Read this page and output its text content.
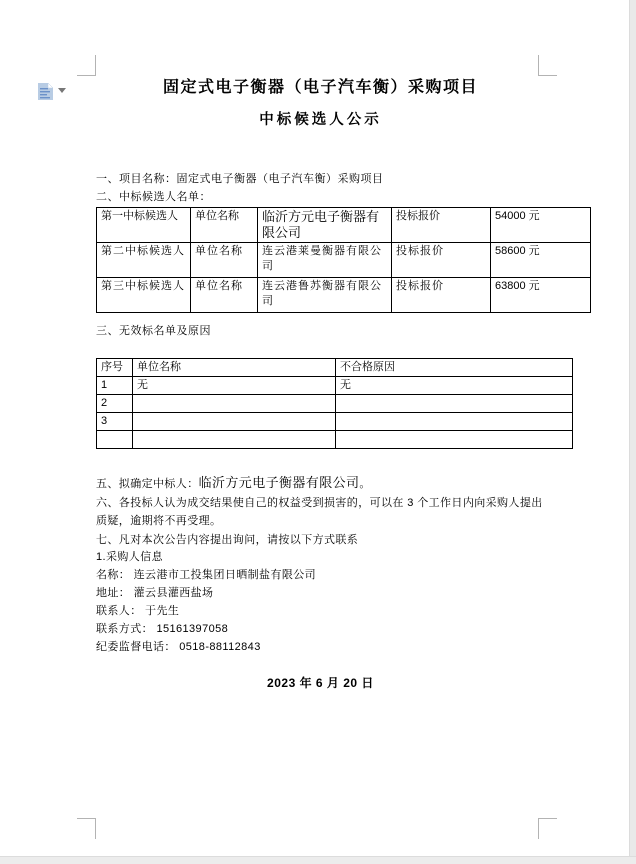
固定式电子衡器（电子汽车衡）采购项目
中标候选人公示

一、项目名称：固定式电子衡器（电子汽车衡）采购项目

二、中标候选人名单：

第一中标候选人	单位名称	临沂方元电子衡器有限公司	投标报价	54000 元
第二中标候选人	单位名称	连云港莱曼衡器有限公司	投标报价	58600 元
第三中标候选人	单位名称	连云港鲁苏衡器有限公司	投标报价	63800 元

三、无效标名单及原因

序号	单位名称	不合格原因
1	无	无
2		
3		

五、拟确定中标人：临沂方元电子衡器有限公司。
六、各投标人认为成交结果使自己的权益受到损害的，可以在 3 个工作日内向采购人提出质疑，逾期将不再受理。
七、凡对本次公告内容提出询问，请按以下方式联系
1.采购人信息
名称： 连云港市工投集团日晒制盐有限公司
地址： 灌云县灌西盐场
联系人： 于先生
联系方式： 15161397058
纪委监督电话： 0518-88112843
2023 年 6 月 20 日
